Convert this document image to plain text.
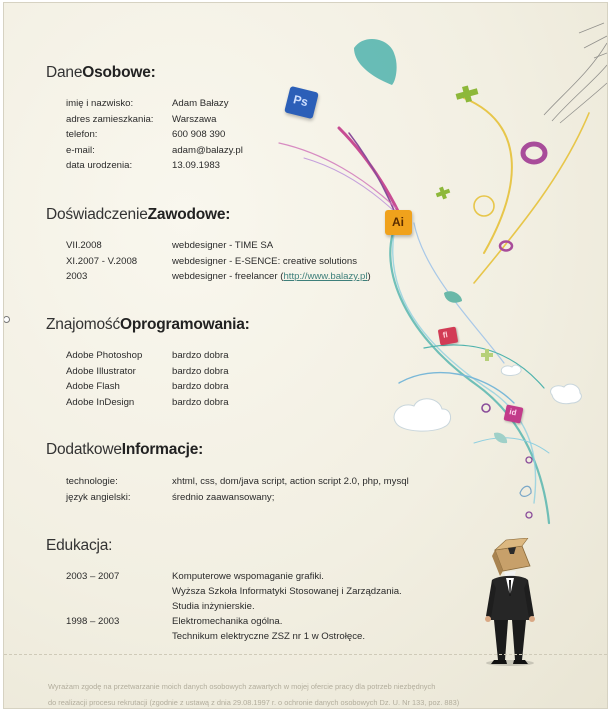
DaneOsobowe:
imię i nazwisko:	Adam Bałazy
adres zamieszkania: Warszawa
telefon:	600 908 390
e-mail:	adam@balazy.pl
data urodzenia:	13.09.1983
DoświadczenieZawodowe:
VII.2008	webdesigner - TIME SA
XI.2007 - V.2008	webdesigner - E-SENCE: creative solutions
2003	webdesigner - freelancer (http://www.balazy.pl)
ZnajomośćOprogramowania:
Adobe Photoshop	bardzo dobra
Adobe Illustrator	bardzo dobra
Adobe Flash	bardzo dobra
Adobe InDesign	bardzo dobra
DodatkoweInformacje:
technologie:	xhtml, css, dom/java script, action script 2.0, php, mysql
język angielski:	średnio zaawansowany;
Edukacja:
2003 – 2007	Komputerowe wspomaganie grafiki.
Wyższa Szkoła Informatyki Stosowanej i Zarządzania.
Studia inżynierskie.
1998 – 2003	Elektromechanika ogólna.
Technikum elektryczne ZSZ nr 1 w Ostrołęce.
Ps
Ai
fl
id

Wyrażam zgodę na przetwarzanie moich danych osobowych zawartych w mojej ofercie pracy dla potrzeb niezbędnych

do realizacji procesu rekrutacji (zgodnie z ustawą z dnia 29.08.1997 r. o ochronie danych osobowych Dz. U. Nr 133, poz. 883)
